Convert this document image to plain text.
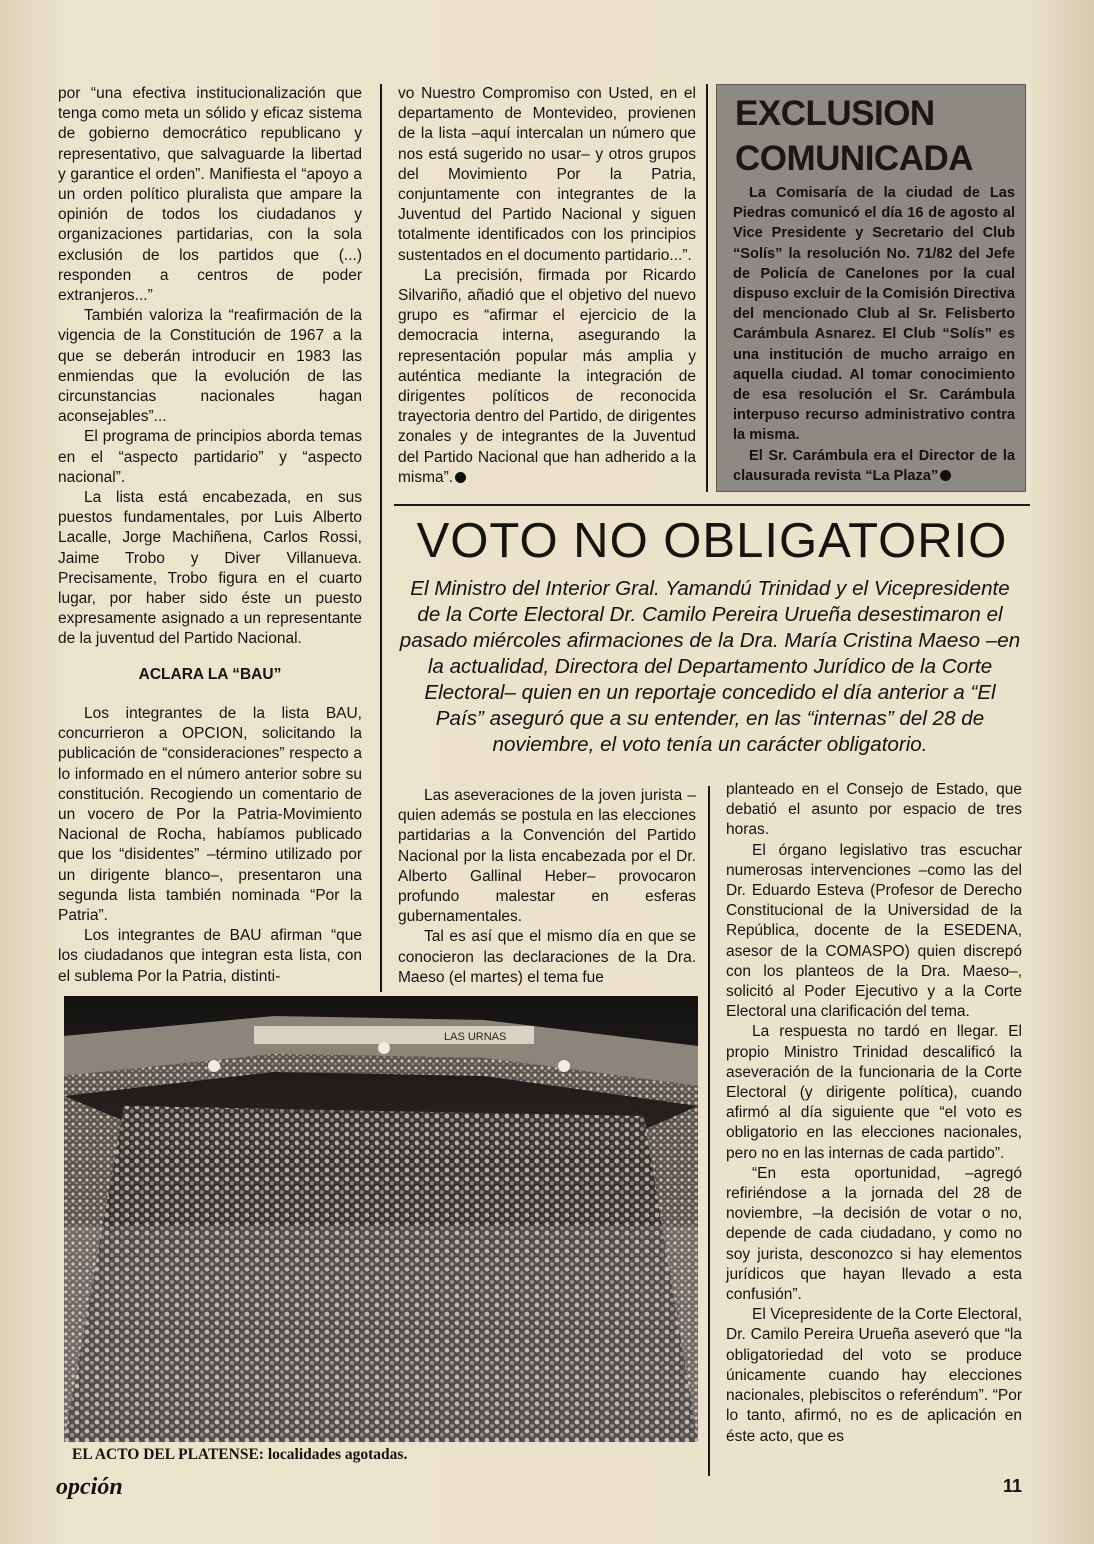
por “una efectiva institucionalización que tenga como meta un sólido y eficaz sistema de gobierno democrático republicano y representativo, que salvaguarde la libertad y garantice el orden”. Manifiesta el “apoyo a un orden político pluralista que ampare la opinión de todos los ciudadanos y organizaciones partidarias, con la sola exclusión de los partidos que (...) responden a centros de poder extranjeros...”

También valoriza la “reafirmación de la vigencia de la Constitución de 1967 a la que se deberán introducir en 1983 las enmiendas que la evolución de las circunstancias nacionales hagan aconsejables”...

El programa de principios aborda temas en el “aspecto partidario” y “aspecto nacional”.

La lista está encabezada, en sus puestos fundamentales, por Luis Alberto Lacalle, Jorge Machiñena, Carlos Rossi, Jaime Trobo y Diver Villanueva. Precisamente, Trobo figura en el cuarto lugar, por haber sido éste un puesto expresamente asignado a un representante de la juventud del Partido Nacional.

ACLARA LA “BAU”

Los integrantes de la lista BAU, concurrieron a OPCION, solicitando la publicación de “consideraciones” respecto a lo informado en el número anterior sobre su constitución. Recogiendo un comentario de un vocero de Por la Patria-Movimiento Nacional de Rocha, habíamos publicado que los “disidentes” –término utilizado por un dirigente blanco–, presentaron una segunda lista también nominada “Por la Patria”.

Los integrantes de BAU afirman “que los ciudadanos que integran esta lista, con el sublema Por la Patria, distinti-

vo Nuestro Compromiso con Usted, en el departamento de Montevideo, provienen de la lista –aquí intercalan un número que nos está sugerido no usar– y otros grupos del Movimiento Por la Patria, conjuntamente con integrantes de la Juventud del Partido Nacional y siguen totalmente identificados con los principios sustentados en el documento partidario...”.

La precisión, firmada por Ricardo Silvariño, añadió que el objetivo del nuevo grupo es “afirmar el ejercicio de la democracia interna, asegurando la representación popular más amplia y auténtica mediante la integración de dirigentes políticos de reconocida trayectoria dentro del Partido, de dirigentes zonales y de integrantes de la Juventud del Partido Nacional que han adherido a la misma”.

EXCLUSION COMUNICADA

La Comisaría de la ciudad de Las Piedras comunicó el día 16 de agosto al Vice Presidente y Secretario del Club “Solís” la resolución No. 71/82 del Jefe de Policía de Canelones por la cual dispuso excluir de la Comisión Directiva del mencionado Club al Sr. Felisberto Carámbula Asnarez. El Club “Solís” es una institución de mucho arraigo en aquella ciudad. Al tomar conocimiento de esa resolución el Sr. Carámbula interpuso recurso administrativo contra la misma.

El Sr. Carámbula era el Director de la clausurada revista “La Plaza”

VOTO NO OBLIGATORIO
El Ministro del Interior Gral. Yamandú Trinidad y el Vicepresidente de la Corte Electoral Dr. Camilo Pereira Urueña desestimaron el pasado miércoles afirmaciones de la Dra. María Cristina Maeso –en la actualidad, Directora del Departamento Jurídico de la Corte Electoral– quien en un reportaje concedido el día anterior a “El País” aseguró que a su entender, en las “internas” del 28 de noviembre, el voto tenía un carácter obligatorio.

Las aseveraciones de la joven jurista –quien además se postula en las elecciones partidarias a la Convención del Partido Nacional por la lista encabezada por el Dr. Alberto Gallinal Heber– provocaron profundo malestar en esferas gubernamentales.

Tal es así que el mismo día en que se conocieron las declaraciones de la Dra. Maeso (el martes) el tema fue

planteado en el Consejo de Estado, que debatió el asunto por espacio de tres horas.

El órgano legislativo tras escuchar numerosas intervenciones –como las del Dr. Eduardo Esteva (Profesor de Derecho Constitucional de la Universidad de la República, docente de la ESEDENA, asesor de la COMASPO) quien discrepó con los planteos de la Dra. Maeso–, solicitó al Poder Ejecutivo y a la Corte Electoral una clarificación del tema.

La respuesta no tardó en llegar. El propio Ministro Trinidad descalificó la aseveración de la funcionaria de la Corte Electoral (y dirigente política), cuando afirmó al día siguiente que “el voto es obligatorio en las elecciones nacionales, pero no en las internas de cada partido”.

“En esta oportunidad, –agregó refiriéndose a la jornada del 28 de noviembre, –la decisión de votar o no, depende de cada ciudadano, y como no soy jurista, desconozco si hay elementos jurídicos que hayan llevado a esta confusión”.

El Vicepresidente de la Corte Electoral, Dr. Camilo Pereira Urueña aseveró que “la obligatoriedad del voto se produce únicamente cuando hay elecciones nacionales, plebiscitos o referéndum”. “Por lo tanto, afirmó, no es de aplicación en éste acto, que es

LAS URNAS
EL ACTO DEL PLATENSE: localidades agotadas.
opción	11
